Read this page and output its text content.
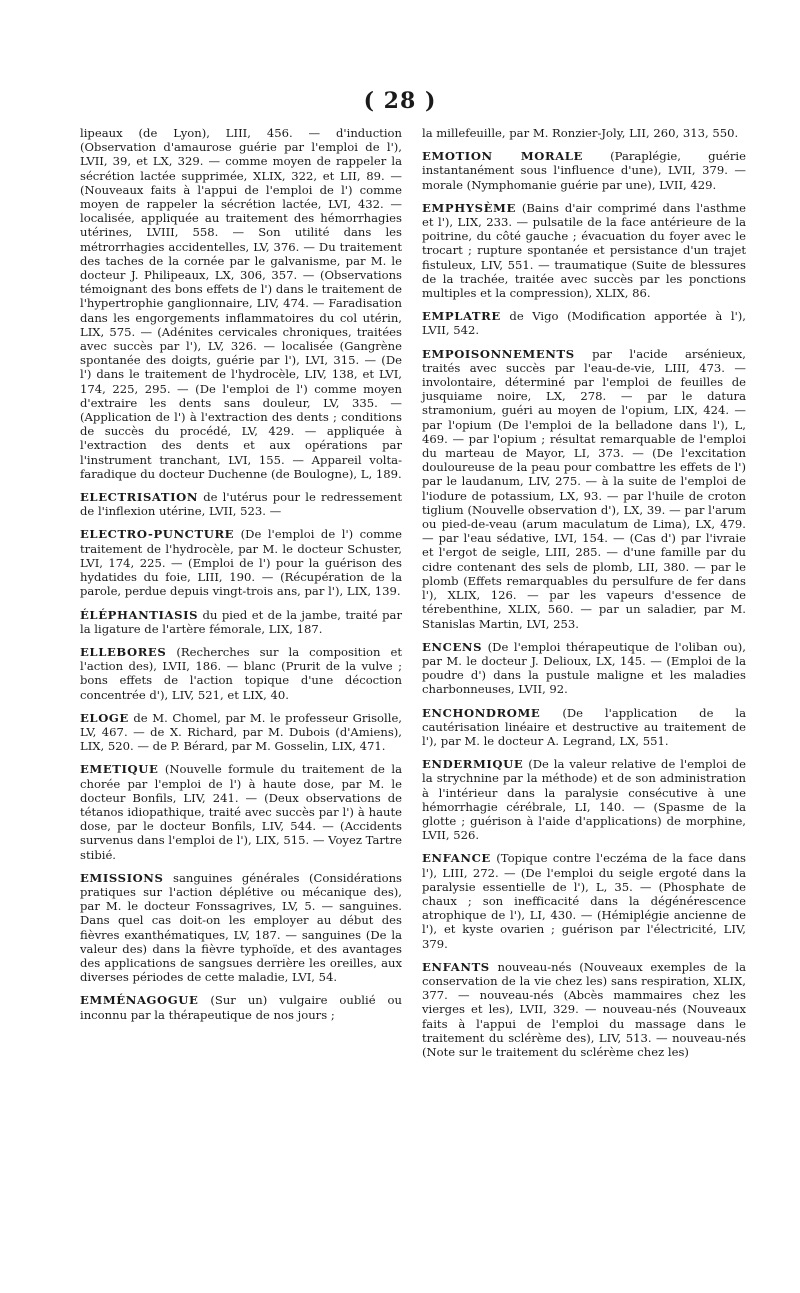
( 28 )

lipeaux (de Lyon), LIII, 456. — d'induction (Observation d'amaurose guérie par l'emploi de l'), LVII, 39, et LX, 329. — comme moyen de rappeler la sécrétion lactée supprimée, XLIX, 322, et LII, 89. — (Nouveaux faits à l'appui de l'emploi de l') comme moyen de rappeler la sécrétion lactée, LVI, 432. — localisée, appliquée au traitement des hémorrhagies utérines, LVIII, 558. — Son utilité dans les métrorrhagies accidentelles, LV, 376. — Du traitement des taches de la cornée par le galvanisme, par M. le docteur J. Philipeaux, LX, 306, 357. — (Observations témoignant des bons effets de l') dans le traitement de l'hypertrophie ganglionnaire, LIV, 474. — Faradisation dans les engorgements inflammatoires du col utérin, LIX, 575. — (Adénites cervicales chroniques, traitées avec succès par l'), LV, 326. — localisée (Gangrène spontanée des doigts, guérie par l'), LVI, 315. — (De l') dans le traitement de l'hydrocèle, LIV, 138, et LVI, 174, 225, 295. — (De l'emploi de l') comme moyen d'extraire les dents sans douleur, LV, 335. — (Application de l') à l'extraction des dents ; conditions de succès du procédé, LV, 429. — appliquée à l'extraction des dents et aux opérations par l'instrument tranchant, LVI, 155. — Appareil volta-faradique du docteur Duchenne (de Boulogne), L, 189.

ELECTRISATION de l'utérus pour le redressement de l'inflexion utérine, LVII, 523. —

ELECTRO-PUNCTURE (De l'emploi de l') comme traitement de l'hydrocèle, par M. le docteur Schuster, LVI, 174, 225. — (Emploi de l') pour la guérison des hydatides du foie, LIII, 190. — (Récupération de la parole, perdue depuis vingt-trois ans, par l'), LIX, 139.

ÉLÉPHANTIASIS du pied et de la jambe, traité par la ligature de l'artère fémorale, LIX, 187.

ELLEBORES (Recherches sur la composition et l'action des), LVII, 186. — blanc (Prurit de la vulve ; bons effets de l'action topique d'une décoction concentrée d'), LIV, 521, et LIX, 40.

ELOGE de M. Chomel, par M. le professeur Grisolle, LV, 467. — de X. Richard, par M. Dubois (d'Amiens), LIX, 520. — de P. Bérard, par M. Gosselin, LIX, 471.

EMETIQUE (Nouvelle formule du traitement de la chorée par l'emploi de l') à haute dose, par M. le docteur Bonfils, LIV, 241. — (Deux observations de tétanos idiopathique, traité avec succès par l') à haute dose, par le docteur Bonfils, LIV, 544. — (Accidents survenus dans l'emploi de l'), LIX, 515. — Voyez Tartre stibié.

EMISSIONS sanguines générales (Considérations pratiques sur l'action déplétive ou mécanique des), par M. le docteur Fonssagrives, LV, 5. — sanguines. Dans quel cas doit-on les employer au début des fièvres exanthématiques, LV, 187. — sanguines (De la valeur des) dans la fièvre typhoïde, et des avantages des applications de sangsues derrière les oreilles, aux diverses périodes de cette maladie, LVI, 54.

EMMÉNAGOGUE (Sur un) vulgaire oublié ou inconnu par la thérapeutique de nos jours ;

la millefeuille, par M. Ronzier-Joly, LII, 260, 313, 550.

EMOTION MORALE (Paraplégie, guérie instantanément sous l'influence d'une), LVII, 379. — morale (Nymphomanie guérie par une), LVII, 429.

EMPHYSÈME (Bains d'air comprimé dans l'asthme et l'), LIX, 233. — pulsatile de la face antérieure de la poitrine, du côté gauche ; évacuation du foyer avec le trocart ; rupture spontanée et persistance d'un trajet fistuleux, LIV, 551. — traumatique (Suite de blessures de la trachée, traitée avec succès par les ponctions multiples et la compression), XLIX, 86.

EMPLATRE de Vigo (Modification apportée à l'), LVII, 542.

EMPOISONNEMENTS par l'acide arsénieux, traités avec succès par l'eau-de-vie, LIII, 473. — involontaire, déterminé par l'emploi de feuilles de jusquiame noire, LX, 278. — par le datura stramonium, guéri au moyen de l'opium, LIX, 424. — par l'opium (De l'emploi de la belladone dans l'), L, 469. — par l'opium ; résultat remarquable de l'emploi du marteau de Mayor, LI, 373. — (De l'excitation douloureuse de la peau pour combattre les effets de l') par le laudanum, LIV, 275. — à la suite de l'emploi de l'iodure de potassium, LX, 93. — par l'huile de croton tiglium (Nouvelle observation d'), LX, 39. — par l'arum ou pied-de-veau (arum maculatum de Lima), LX, 479. — par l'eau sédative, LVI, 154. — (Cas d') par l'ivraie et l'ergot de seigle, LIII, 285. — d'une famille par du cidre contenant des sels de plomb, LII, 380. — par le plomb (Effets remarquables du persulfure de fer dans l'), XLIX, 126. — par les vapeurs d'essence de térebenthine, XLIX, 560. — par un saladier, par M. Stanislas Martin, LVI, 253.

ENCENS (De l'emploi thérapeutique de l'oliban ou), par M. le docteur J. Delioux, LX, 145. — (Emploi de la poudre d') dans la pustule maligne et les maladies charbonneuses, LVII, 92.

ENCHONDROME (De l'application de la cautérisation linéaire et destructive au traitement de l'), par M. le docteur A. Legrand, LX, 551.

ENDERMIQUE (De la valeur relative de l'emploi de la strychnine par la méthode) et de son administration à l'intérieur dans la paralysie consécutive à une hémorrhagie cérébrale, LI, 140. — (Spasme de la glotte ; guérison à l'aide d'applications) de morphine, LVII, 526.

ENFANCE (Topique contre l'eczéma de la face dans l'), LIII, 272. — (De l'emploi du seigle ergoté dans la paralysie essentielle de l'), L, 35. — (Phosphate de chaux ; son inefficacité dans la dégénérescence atrophique de l'), LI, 430. — (Hémiplégie ancienne de l'), et kyste ovarien ; guérison par l'électricité, LIV, 379.

ENFANTS nouveau-nés (Nouveaux exemples de la conservation de la vie chez les) sans respiration, XLIX, 377. — nouveau-nés (Abcès mammaires chez les vierges et les), LVII, 329. — nouveau-nés (Nouveaux faits à l'appui de l'emploi du massage dans le traitement du sclérème des), LIV, 513. — nouveau-nés (Note sur le traitement du sclérème chez les)
